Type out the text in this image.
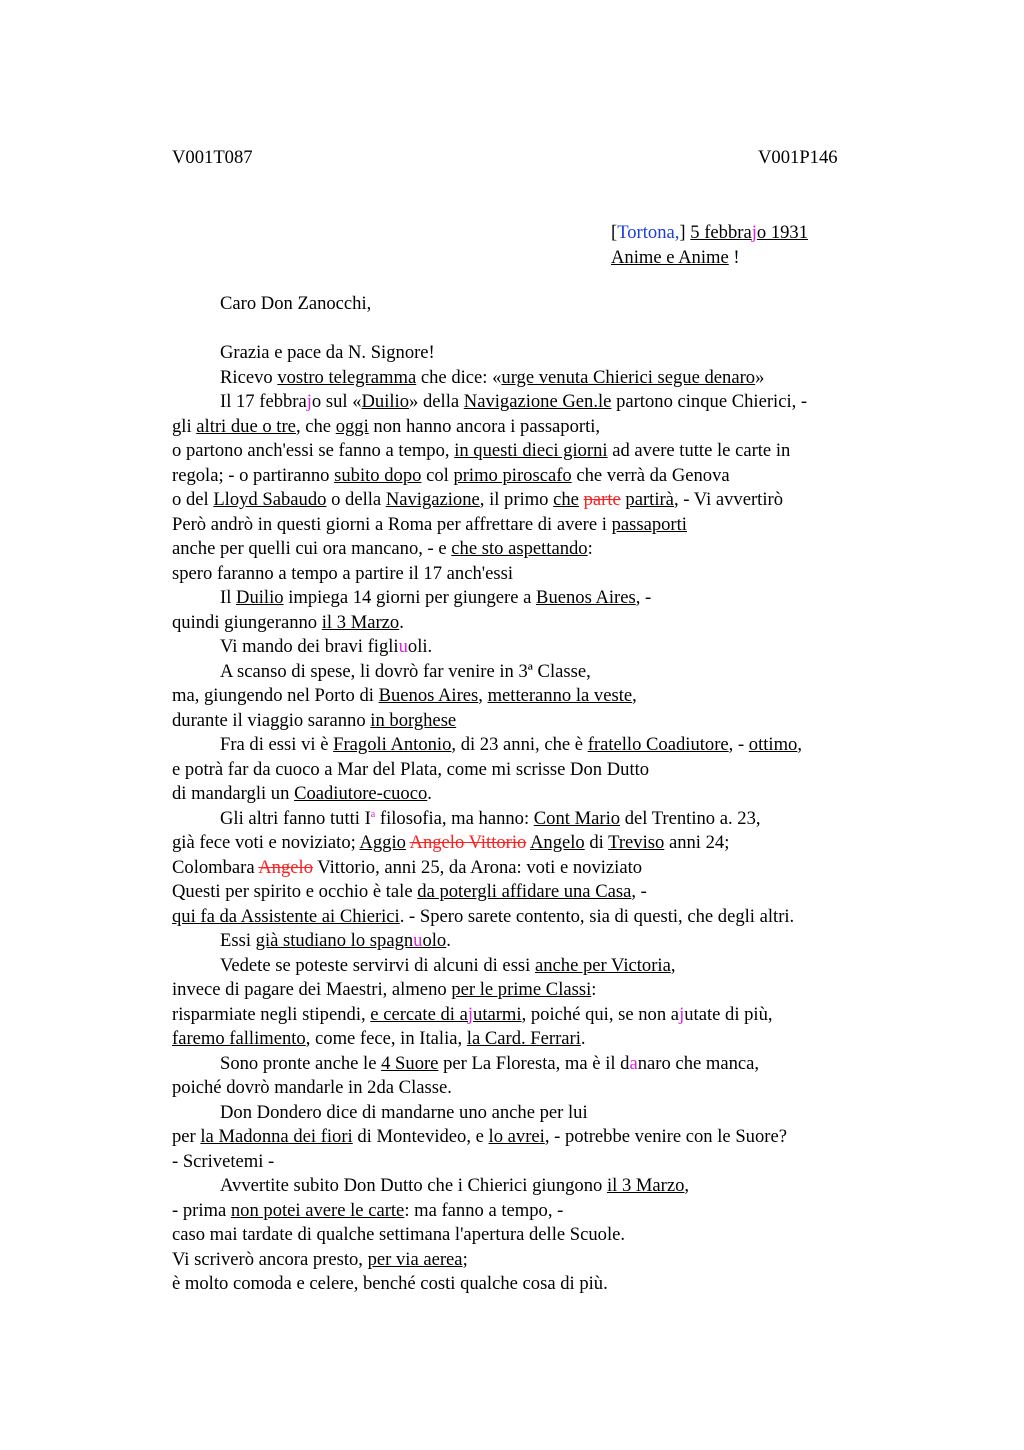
V001T087	V001P146
[Tortona,] 5 febbrajo 1931
Anime e Anime !
Caro Don Zanocchi,
Grazia e pace da N. Signore!
Ricevo vostro telegramma che dice: «urge venuta Chierici segue denaro»
Il 17 febbrajo sul «Duilio» della Navigazione Gen.le partono cinque Chierici, -
gli altri due o tre, che oggi non hanno ancora i passaporti,
o partono anch'essi se fanno a tempo, in questi dieci giorni ad avere tutte le carte in
regola; - o partiranno subito dopo col primo piroscafo che verrà da Genova
o del Lloyd Sabaudo o della Navigazione, il primo che parte partirà, - Vi avvertirò
Però andrò in questi giorni a Roma per affrettare di avere i passaporti
anche per quelli cui ora mancano, - e che sto aspettando:
spero faranno a tempo a partire il 17 anch'essi
Il Duilio impiega 14 giorni per giungere a Buenos Aires, -
quindi giungeranno il 3 Marzo.
Vi mando dei bravi figliuoli.
A scanso di spese, li dovrò far venire in 3ª Classe,
ma, giungendo nel Porto di Buenos Aires, metteranno la veste,
durante il viaggio saranno in borghese
Fra di essi vi è Fragoli Antonio, di 23 anni, che è fratello Coadiutore, - ottimo,
e potrà far da cuoco a Mar del Plata, come mi scrisse Don Dutto
di mandargli un Coadiutore-cuoco.
Gli altri fanno tutti $I^a$ filosofia, ma hanno: Cont Mario del Trentino a. 23,
già fece voti e noviziato; Aggio Angelo Vittorio Angelo di Treviso anni 24;
Colombara Angelo Vittorio, anni 25, da Arona: voti e noviziato
Questi per spirito e occhio è tale da potergli affidare una Casa, -
qui fa da Assistente ai Chierici. - Spero sarete contento, sia di questi, che degli altri.
Essi già studiano lo spagnuolo.
Vedete se poteste servirvi di alcuni di essi anche per Victoria,
invece di pagare dei Maestri, almeno per le prime Classi:
risparmiate negli stipendi, e cercate di ajutarmi, poiché qui, se non ajutate di più,
faremo fallimento, come fece, in Italia, la Card. Ferrari.
Sono pronte anche le 4 Suore per La Floresta, ma è il danaro che manca,
poiché dovrò mandarle in 2da Classe.
Don Dondero dice di mandarne uno anche per lui
per la Madonna dei fiori di Montevideo, e lo avrei, - potrebbe venire con le Suore?
- Scrivetemi -
Avvertite subito Don Dutto che i Chierici giungono il 3 Marzo,
- prima non potei avere le carte: ma fanno a tempo, -
caso mai tardate di qualche settimana l'apertura delle Scuole.
Vi scriverò ancora presto, per via aerea;
è molto comoda e celere, benché costi qualche cosa di più.
